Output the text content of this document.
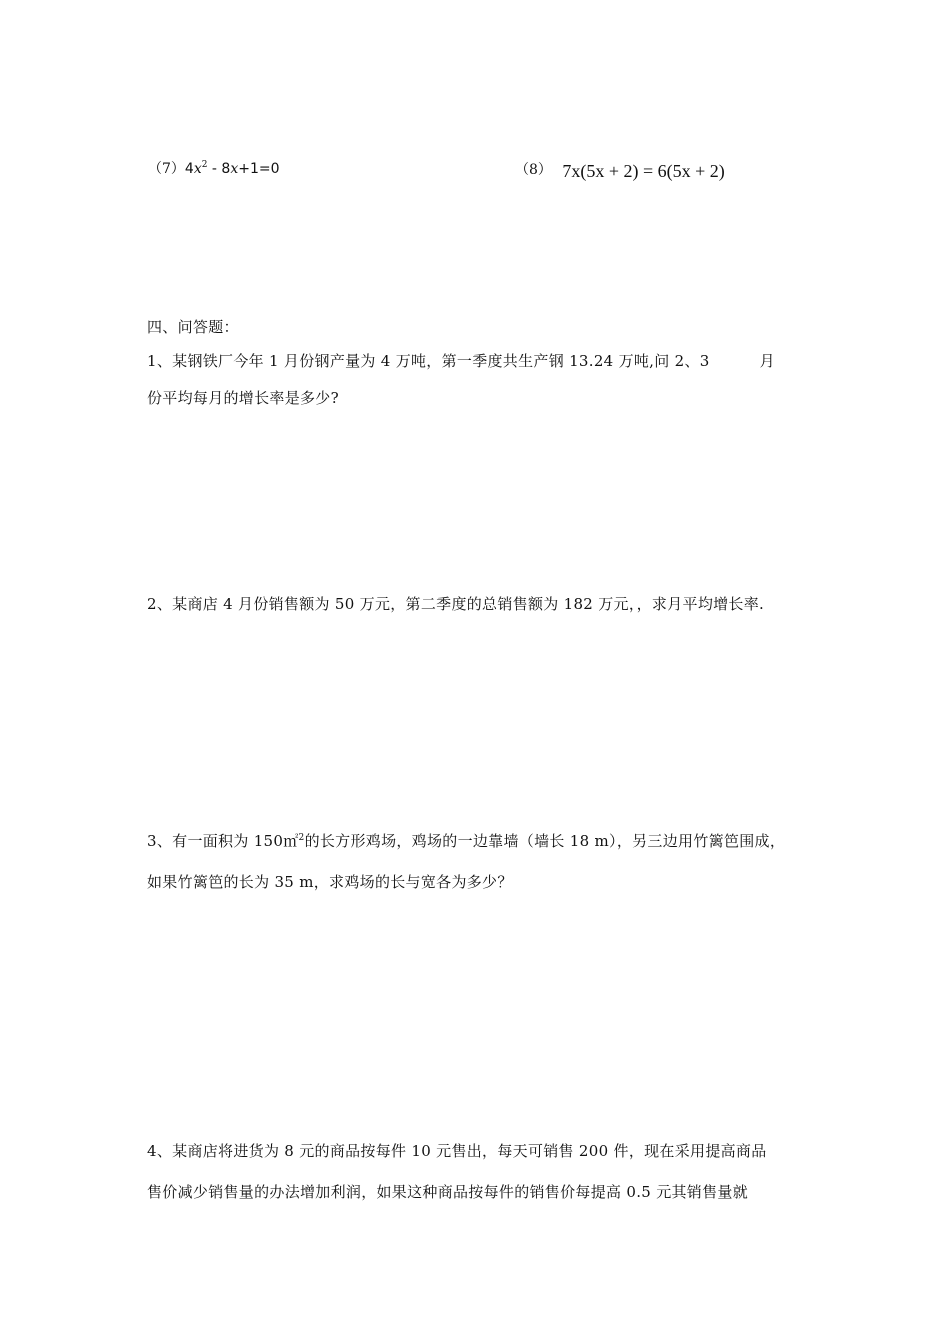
$(7)4x^2 - 8x+1=0$	（8） 7x(5x + 2) = 6(5x + 2)
四、问答题：
1、某钢铁厂今年 1 月份钢产量为 4 万吨，第一季度共生产钢 13.24 万吨,问 2、3	月
份平均每月的增长率是多少?
2、某商店 4 月份销售额为 50 万元，第二季度的总销售额为 182 万元，，求月平均增长率.
3、有一面积为 150㎡$^2$的长方形鸡场，鸡场的一边靠墙（墙长 18 m），另三边用竹篱笆围成，
如果竹篱笆的长为 35 m，求鸡场的长与宽各为多少？
4、某商店将进货为 8 元的商品按每件 10 元售出，每天可销售 200 件，现在采用提高商品
售价减少销售量的办法增加利润，如果这种商品按每件的销售价每提高 0.5 元其销售量就
